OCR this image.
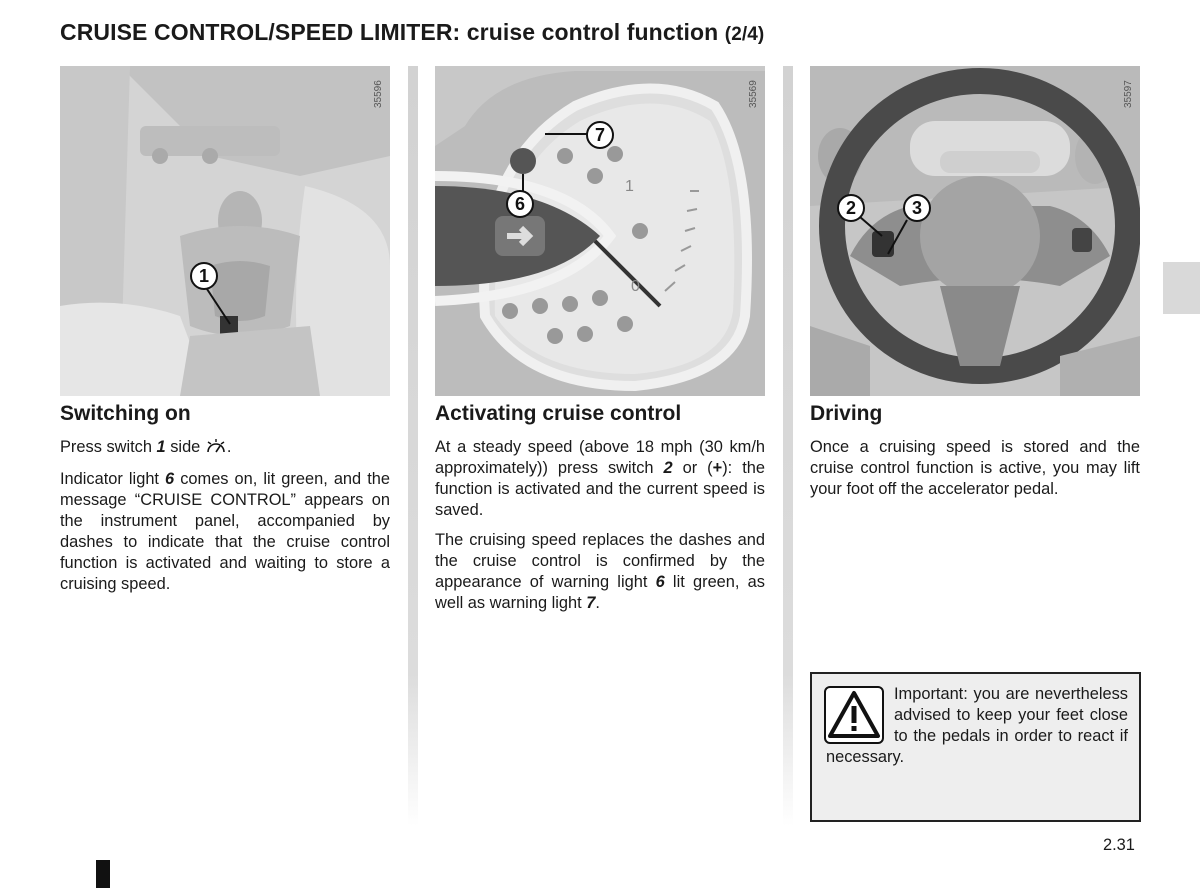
CRUISE CONTROL/SPEED LIMITER: cruise control function (2/4)
35596
1
1
0
35569
7
6
35597
2	3
Switching on
Press switch 1 side .
Indicator light 6 comes on, lit green, and the message “CRUISE CONTROL” appears on the instrument panel, accompanied by dashes to indicate that the cruise control function is activated and waiting to store a cruising speed.
Activating cruise control
At a steady speed (above 18 mph (30 km/h approximately)) press switch 2 or (+): the function is activated and the current speed is saved.
The cruising speed replaces the dashes and the cruise control is confirmed by the appearance of warning light 6 lit green, as well as warning light 7.
Driving
Once a cruising speed is stored and the cruise control function is active, you may lift your foot off the accelerator pedal.
Important: you are nevertheless advised to keep your feet close to the pedals in order to react if necessary.
2.31
